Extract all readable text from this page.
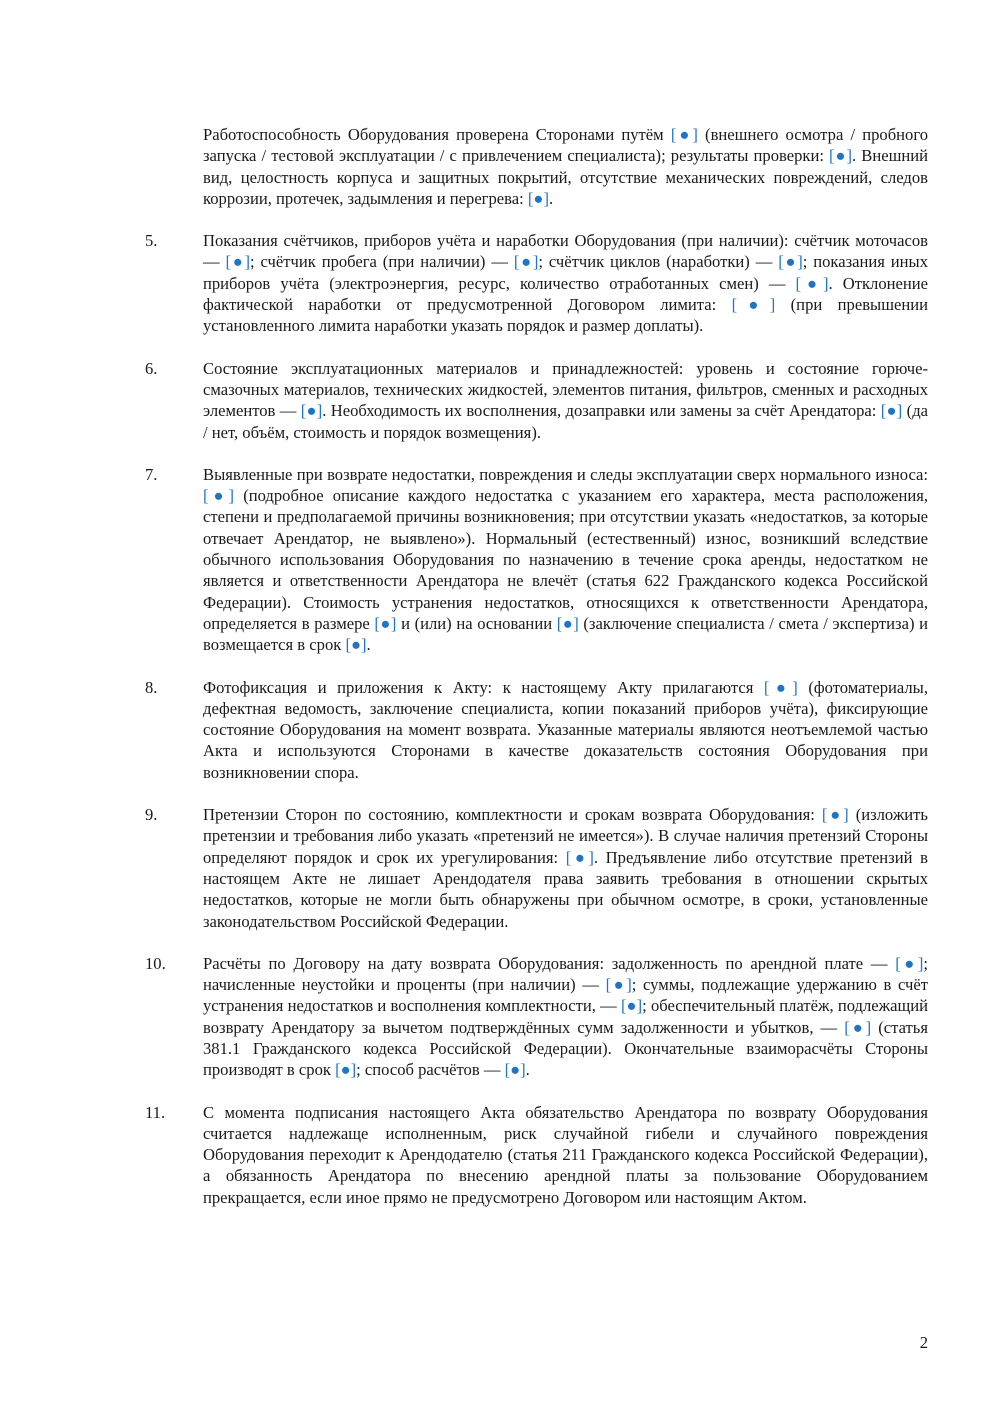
Работоспособность Оборудования проверена Сторонами путём [●] (внешнего осмотра / пробного запуска / тестовой эксплуатации / с привлечением специалиста); результаты проверки: [●]. Внешний вид, целостность корпуса и защитных покрытий, отсутствие механических повреждений, следов коррозии, протечек, задымления и перегрева: [●].
5.	Показания счётчиков, приборов учёта и наработки Оборудования (при наличии): счётчик моточасов — [●]; счётчик пробега (при наличии) — [●]; счётчик циклов (наработки) — [●]; показания иных приборов учёта (электроэнергия, ресурс, количество отработанных смен) — [●]. Отклонение фактической наработки от предусмотренной Договором лимита: [●] (при превышении установленного лимита наработки указать порядок и размер доплаты).
6.	Состояние эксплуатационных материалов и принадлежностей: уровень и состояние горюче-смазочных материалов, технических жидкостей, элементов питания, фильтров, сменных и расходных элементов — [●]. Необходимость их восполнения, дозаправки или замены за счёт Арендатора: [●] (да / нет, объём, стоимость и порядок возмещения).
7.	Выявленные при возврате недостатки, повреждения и следы эксплуатации сверх нормального износа: [●] (подробное описание каждого недостатка с указанием его характера, места расположения, степени и предполагаемой причины возникновения; при отсутствии указать «недостатков, за которые отвечает Арендатор, не выявлено»). Нормальный (естественный) износ, возникший вследствие обычного использования Оборудования по назначению в течение срока аренды, недостатком не является и ответственности Арендатора не влечёт (статья 622 Гражданского кодекса Российской Федерации). Стоимость устранения недостатков, относящихся к ответственности Арендатора, определяется в размере [●] и (или) на основании [●] (заключение специалиста / смета / экспертиза) и возмещается в срок [●].
8.	Фотофиксация и приложения к Акту: к настоящему Акту прилагаются [●] (фотоматериалы, дефектная ведомость, заключение специалиста, копии показаний приборов учёта), фиксирующие состояние Оборудования на момент возврата. Указанные материалы являются неотъемлемой частью Акта и используются Сторонами в качестве доказательств состояния Оборудования при возникновении спора.
9.	Претензии Сторон по состоянию, комплектности и срокам возврата Оборудования: [●] (изложить претензии и требования либо указать «претензий не имеется»). В случае наличия претензий Стороны определяют порядок и срок их урегулирования: [●]. Предъявление либо отсутствие претензий в настоящем Акте не лишает Арендодателя права заявить требования в отношении скрытых недостатков, которые не могли быть обнаружены при обычном осмотре, в сроки, установленные законодательством Российской Федерации.
10. Расчёты по Договору на дату возврата Оборудования: задолженность по арендной плате — [●]; начисленные неустойки и проценты (при наличии) — [●]; суммы, подлежащие удержанию в счёт устранения недостатков и восполнения комплектности, — [●]; обеспечительный платёж, подлежащий возврату Арендатору за вычетом подтверждённых сумм задолженности и убытков, — [●] (статья 381.1 Гражданского кодекса Российской Федерации). Окончательные взаиморасчёты Стороны производят в срок [●]; способ расчётов — [●].
11. С момента подписания настоящего Акта обязательство Арендатора по возврату Оборудования считается надлежаще исполненным, риск случайной гибели и случайного повреждения Оборудования переходит к Арендодателю (статья 211 Гражданского кодекса Российской Федерации), а обязанность Арендатора по внесению арендной платы за пользование Оборудованием прекращается, если иное прямо не предусмотрено Договором или настоящим Актом.
2
